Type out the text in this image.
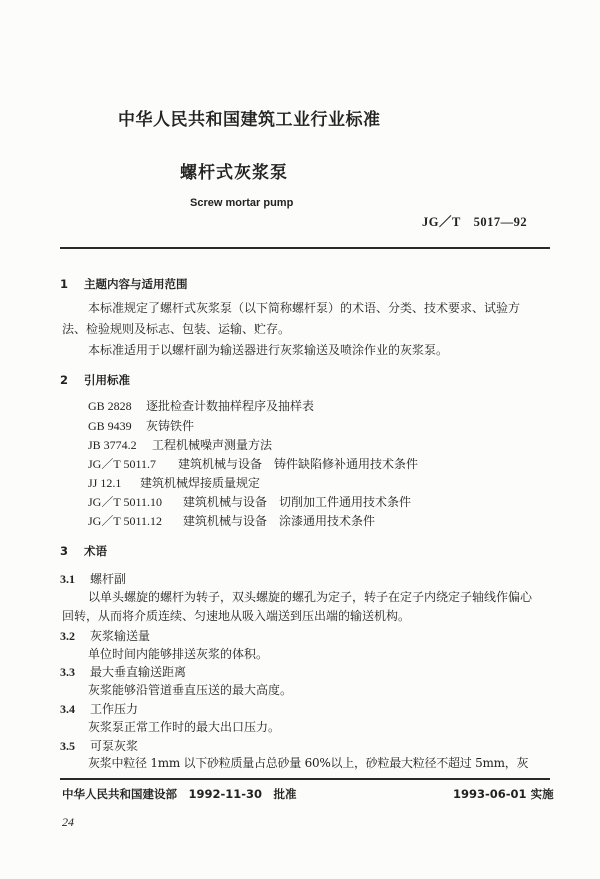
中华人民共和国建筑工业行业标准
螺杆式灰浆泵
Screw mortar pump
JG／T　5017—92
1 主题内容与适用范围
本标准规定了螺杆式灰浆泵（以下简称螺杆泵）的术语、分类、技术要求、试验方
法、检验规则及标志、包装、运输、贮存。
本标准适用于以螺杆副为输送器进行灰浆输送及喷涂作业的灰浆泵。
2 引用标准
GB 2828 逐批检查计数抽样程序及抽样表
GB 9439 灰铸铁件
JB 3774.2 工程机械噪声测量方法
JG／T 5011.7 建筑机械与设备　铸件缺陷修补通用技术条件
JJ 12.1 建筑机械焊接质量规定
JG／T 5011.10 建筑机械与设备　切削加工件通用技术条件
JG／T 5011.12 建筑机械与设备　涂漆通用技术条件
3 术语
3.1 螺杆副
以单头螺旋的螺杆为转子，双头螺旋的螺孔为定子，转子在定子内绕定子轴线作偏心
回转，从而将介质连续、匀速地从吸入端送到压出端的输送机构。
3.2 灰浆输送量
单位时间内能够排送灰浆的体积。
3.3 最大垂直输送距离
灰浆能够沿管道垂直压送的最大高度。
3.4 工作压力
灰浆泵正常工作时的最大出口压力。
3.5 可泵灰浆
灰浆中粒径 1mm 以下砂粒质量占总砂量 60%以上，砂粒最大粒径不超过 5mm，灰
中华人民共和国建设部　1992-11-30　批准	1993-06-01 实施
24
